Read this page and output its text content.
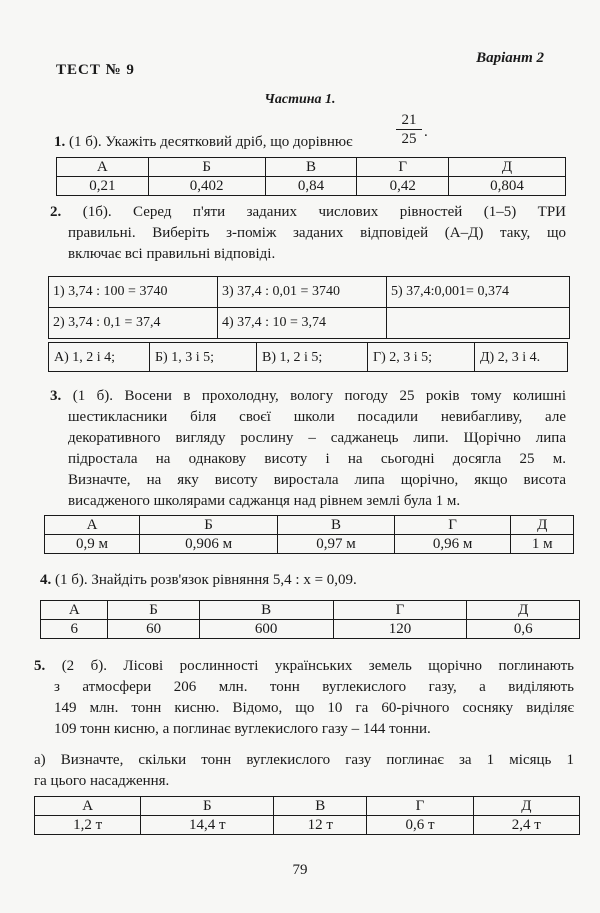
ТЕСТ № 9
Варіант 2
Частина 1.
1. (1 б). Укажіть десятковий дріб, що дорівнює	$\frac{21}{25}$ .
А	Б	В	Г	Д
0,21	0,402	0,84	0,42	0,804
2. (1б). Серед п'яти заданих числових рівностей (1–5) ТРИ
правильні. Виберіть з-поміж заданих відповідей (А–Д) таку, що
включає всі правильні відповіді.
1) 3,74 : 100 = 3740	3) 37,4 : 0,01 = 3740	5) 37,4:0,001= 0,374
2) 3,74 : 0,1 = 37,4	4) 37,4 : 10 = 3,74	
А) 1, 2 і 4;	Б) 1, 3 і 5;	В) 1, 2 і 5;	Г) 2, 3 і 5;	Д) 2, 3 і 4.
3. (1 б). Восени в прохолодну, вологу погоду 25 років тому колишні
шестикласники біля своєї школи посадили невибагливу, але
декоративного вигляду рослину – саджанець липи. Щорічно липа
підростала на однакову висоту і на сьогодні досягла 25 м.
Визначте, на яку висоту виростала липа щорічно, якщо висота
висадженого школярами саджанця над рівнем землі була 1 м.
А	Б	В	Г	Д
0,9 м	0,906 м	0,97 м	0,96 м	1 м
4. (1 б). Знайдіть розв'язок рівняння 5,4 : x = 0,09.
А	Б	В	Г	Д
6	60	600	120	0,6
5. (2 б). Лісові рослинності українських земель щорічно поглинають
з атмосфери 206 млн. тонн вуглекислого газу, а виділяють
149 млн. тонн кисню. Відомо, що 10 га 60-річного сосняку виділяє
109 тонн кисню, а поглинає вуглекислого газу – 144 тонни.
а) Визначте, скільки тонн вуглекислого газу поглинає за 1 місяць 1
га цього насадження.
А	Б	В	Г	Д
1,2 т	14,4 т	12 т	0,6 т	2,4 т
79
